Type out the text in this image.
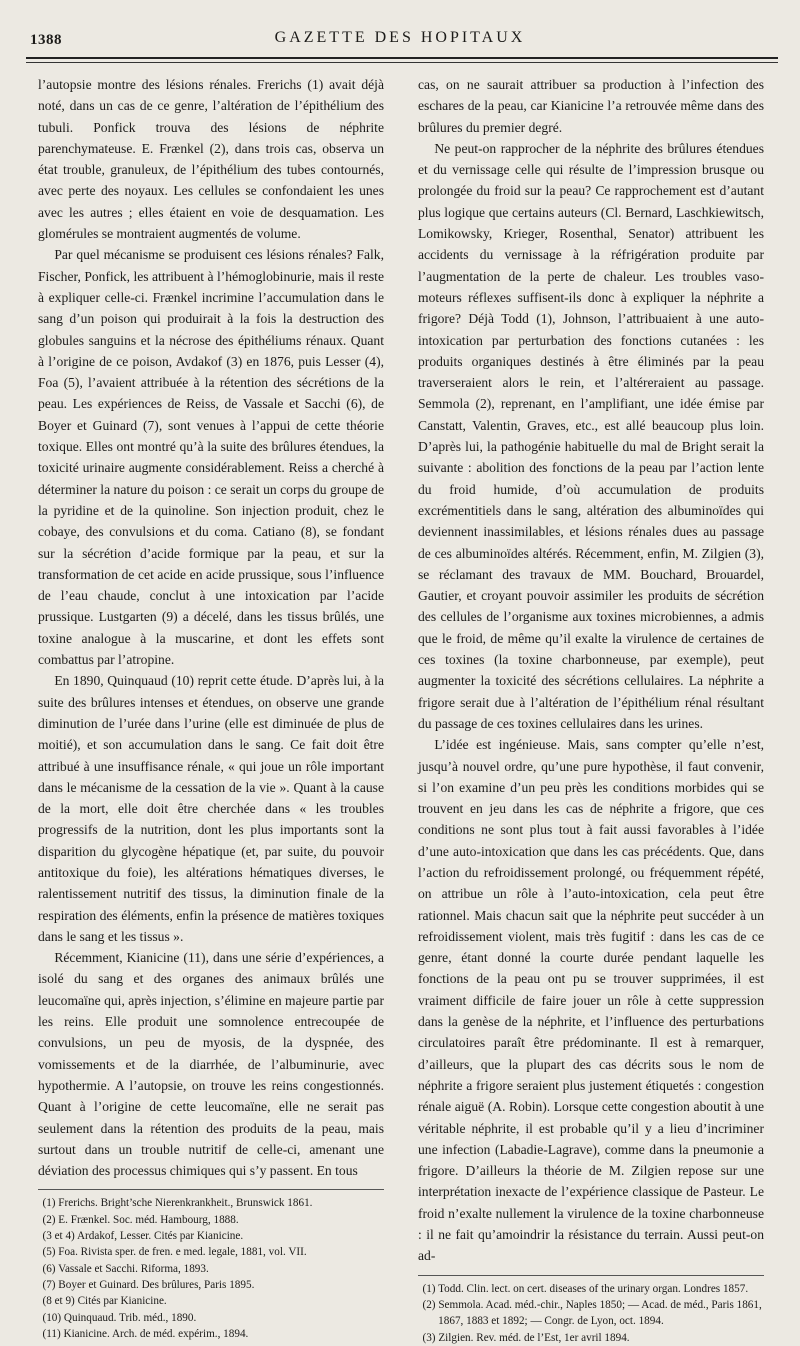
1388	GAZETTE DES HOPITAUX

l’autopsie montre des lésions rénales. Frerichs (1) avait déjà noté, dans un cas de ce genre, l’altération de l’épithélium des tubuli. Ponfick trouva des lésions de néphrite parenchymateuse. E. Frænkel (2), dans trois cas, observa un état trouble, granuleux, de l’épithélium des tubes contournés, avec perte des noyaux. Les cellules se confondaient les unes avec les autres ; elles étaient en voie de desquamation. Les glomérules se montraient augmentés de volume.

Par quel mécanisme se produisent ces lésions rénales? Falk, Fischer, Ponfick, les attribuent à l’hémoglobinurie, mais il reste à expliquer celle-ci. Frænkel incrimine l’accumulation dans le sang d’un poison qui produirait à la fois la destruction des globules sanguins et la nécrose des épithéliums rénaux. Quant à l’origine de ce poison, Avdakof (3) en 1876, puis Lesser (4), Foa (5), l’avaient attribuée à la rétention des sécrétions de la peau. Les expériences de Reiss, de Vassale et Sacchi (6), de Boyer et Guinard (7), sont venues à l’appui de cette théorie toxique. Elles ont montré qu’à la suite des brûlures étendues, la toxicité urinaire augmente considérablement. Reiss a cherché à déterminer la nature du poison : ce serait un corps du groupe de la pyridine et de la quinoline. Son injection produit, chez le cobaye, des convulsions et du coma. Catiano (8), se fondant sur la sécrétion d’acide formique par la peau, et sur la transformation de cet acide en acide prussique, sous l’influence de l’eau chaude, conclut à une intoxication par l’acide prussique. Lustgarten (9) a décelé, dans les tissus brûlés, une toxine analogue à la muscarine, et dont les effets sont combattus par l’atropine.

En 1890, Quinquaud (10) reprit cette étude. D’après lui, à la suite des brûlures intenses et étendues, on observe une grande diminution de l’urée dans l’urine (elle est diminuée de plus de moitié), et son accumulation dans le sang. Ce fait doit être attribué à une insuffisance rénale, « qui joue un rôle important dans le mécanisme de la cessation de la vie ». Quant à la cause de la mort, elle doit être cherchée dans « les troubles progressifs de la nutrition, dont les plus importants sont la disparition du glycogène hépatique (et, par suite, du pouvoir antitoxique du foie), les altérations hématiques diverses, le ralentissement nutritif des tissus, la diminution finale de la respiration des éléments, enfin la présence de matières toxiques dans le sang et les tissus ».

Récemment, Kianicine (11), dans une série d’expériences, a isolé du sang et des organes des animaux brûlés une leucomaïne qui, après injection, s’élimine en majeure partie par les reins. Elle produit une somnolence entrecoupée de convulsions, un peu de myosis, de la dyspnée, des vomissements et de la diarrhée, de l’albuminurie, avec hypothermie. A l’autopsie, on trouve les reins congestionnés. Quant à l’origine de cette leucomaïne, elle ne serait pas seulement dans la rétention des produits de la peau, mais surtout dans un trouble nutritif de celle-ci, amenant une déviation des processus chimiques qui s’y passent. En tous

(1) Frerichs. Bright’sche Nierenkrankheit., Brunswick 1861.

(2) E. Frænkel. Soc. méd. Hambourg, 1888.

(3 et 4) Ardakof, Lesser. Cités par Kianicine.

(5) Foa. Rivista sper. de fren. e med. legale, 1881, vol. VII.

(6) Vassale et Sacchi. Riforma, 1893.

(7) Boyer et Guinard. Des brûlures, Paris 1895.

(8 et 9) Cités par Kianicine.

(10) Quinquaud. Trib. méd., 1890.

(11) Kianicine. Arch. de méd. expérim., 1894.

cas, on ne saurait attribuer sa production à l’infection des eschares de la peau, car Kianicine l’a retrouvée même dans des brûlures du premier degré.

Ne peut-on rapprocher de la néphrite des brûlures étendues et du vernissage celle qui résulte de l’impression brusque ou prolongée du froid sur la peau? Ce rapprochement est d’autant plus logique que certains auteurs (Cl. Bernard, Laschkiewitsch, Lomikowsky, Krieger, Rosenthal, Senator) attribuent les accidents du vernissage à la réfrigération produite par l’augmentation de la perte de chaleur. Les troubles vaso-moteurs réflexes suffisent-ils donc à expliquer la néphrite a frigore? Déjà Todd (1), Johnson, l’attribuaient à une auto-intoxication par perturbation des fonctions cutanées : les produits organiques destinés à être éliminés par la peau traverseraient alors le rein, et l’altéreraient au passage. Semmola (2), reprenant, en l’amplifiant, une idée émise par Canstatt, Valentin, Graves, etc., est allé beaucoup plus loin. D’après lui, la pathogénie habituelle du mal de Bright serait la suivante : abolition des fonctions de la peau par l’action lente du froid humide, d’où accumulation de produits excrémentitiels dans le sang, altération des albuminoïdes qui deviennent inassimilables, et lésions rénales dues au passage de ces albuminoïdes altérés. Récemment, enfin, M. Zilgien (3), se réclamant des travaux de MM. Bouchard, Brouardel, Gautier, et croyant pouvoir assimiler les produits de sécrétion des cellules de l’organisme aux toxines microbiennes, a admis que le froid, de même qu’il exalte la virulence de certaines de ces toxines (la toxine charbonneuse, par exemple), peut augmenter la toxicité des sécrétions cellulaires. La néphrite a frigore serait due à l’altération de l’épithélium rénal résultant du passage de ces toxines cellulaires dans les urines.

L’idée est ingénieuse. Mais, sans compter qu’elle n’est, jusqu’à nouvel ordre, qu’une pure hypothèse, il faut convenir, si l’on examine d’un peu près les conditions morbides qui se trouvent en jeu dans les cas de néphrite a frigore, que ces conditions ne sont plus tout à fait aussi favorables à l’idée d’une auto-intoxication que dans les cas précédents. Que, dans l’action du refroidissement prolongé, ou fréquemment répété, on attribue un rôle à l’auto-intoxication, cela peut être rationnel. Mais chacun sait que la néphrite peut succéder à un refroidissement violent, mais très fugitif : dans les cas de ce genre, étant donné la courte durée pendant laquelle les fonctions de la peau ont pu se trouver supprimées, il est vraiment difficile de faire jouer un rôle à cette suppression dans la genèse de la néphrite, et l’influence des perturbations circulatoires paraît être prédominante. Il est à remarquer, d’ailleurs, que la plupart des cas décrits sous le nom de néphrite a frigore seraient plus justement étiquetés : congestion rénale aiguë (A. Robin). Lorsque cette congestion aboutit à une véritable néphrite, il est probable qu’il y a lieu d’incriminer une infection (Labadie-Lagrave), comme dans la pneumonie a frigore. D’ailleurs la théorie de M. Zilgien repose sur une interprétation inexacte de l’expérience classique de Pasteur. Le froid n’exalte nullement la virulence de la toxine charbonneuse : il ne fait qu’amoindrir la résistance du terrain. Aussi peut-on ad-

(1) Todd. Clin. lect. on cert. diseases of the urinary organ. Londres 1857.

(2) Semmola. Acad. méd.-chir., Naples 1850; — Acad. de méd., Paris 1861, 1867, 1883 et 1892; — Congr. de Lyon, oct. 1894.

(3) Zilgien. Rev. méd. de l’Est, 1er avril 1894.
